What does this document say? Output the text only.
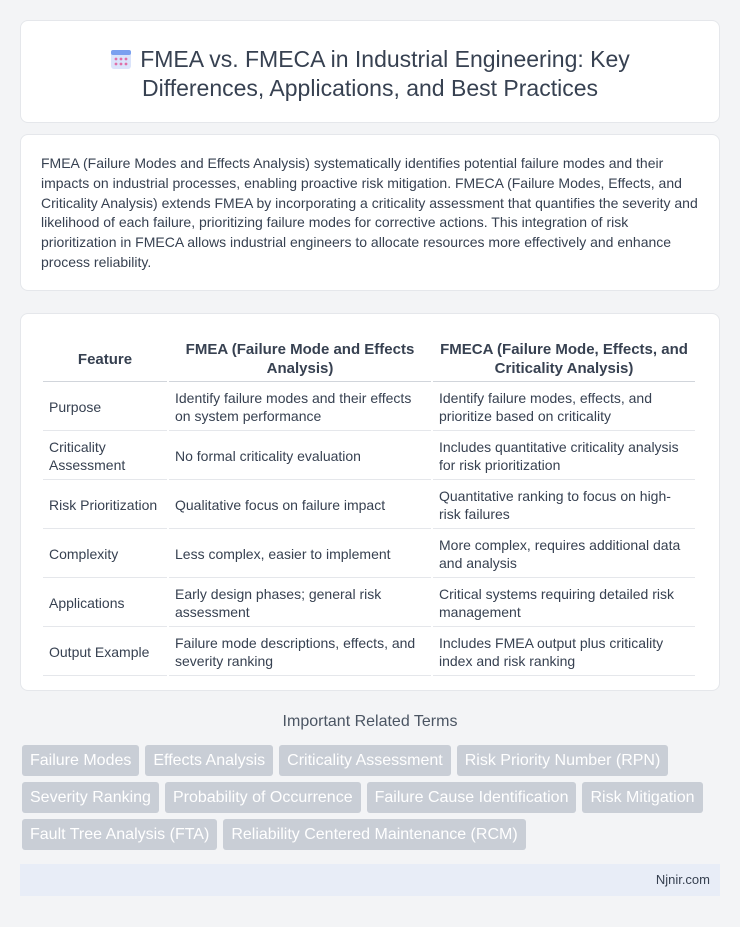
FMEA vs. FMECA in Industrial Engineering: Key Differences, Applications, and Best Practices

FMEA (Failure Modes and Effects Analysis) systematically identifies potential failure modes and their impacts on industrial processes, enabling proactive risk mitigation. FMECA (Failure Modes, Effects, and Criticality Analysis) extends FMEA by incorporating a criticality assessment that quantifies the severity and likelihood of each failure, prioritizing failure modes for corrective actions. This integration of risk prioritization in FMECA allows industrial engineers to allocate resources more effectively and enhance process reliability.

Feature	FMEA (Failure Mode and Effects Analysis)	FMECA (Failure Mode, Effects, and Criticality Analysis)
Purpose	Identify failure modes and their effects on system performance	Identify failure modes, effects, and prioritize based on criticality
Criticality Assessment	No formal criticality evaluation	Includes quantitative criticality analysis for risk prioritization
Risk Prioritization	Qualitative focus on failure impact	Quantitative ranking to focus on high-risk failures
Complexity	Less complex, easier to implement	More complex, requires additional data and analysis
Applications	Early design phases; general risk assessment	Critical systems requiring detailed risk management
Output Example	Failure mode descriptions, effects, and severity ranking	Includes FMEA output plus criticality index and risk ranking
Important Related Terms
Failure Modes	Effects Analysis	Criticality Assessment	Risk Priority Number (RPN)
Severity Ranking	Probability of Occurrence	Failure Cause Identification	Risk Mitigation
Fault Tree Analysis (FTA)	Reliability Centered Maintenance (RCM)
Njnir.com
